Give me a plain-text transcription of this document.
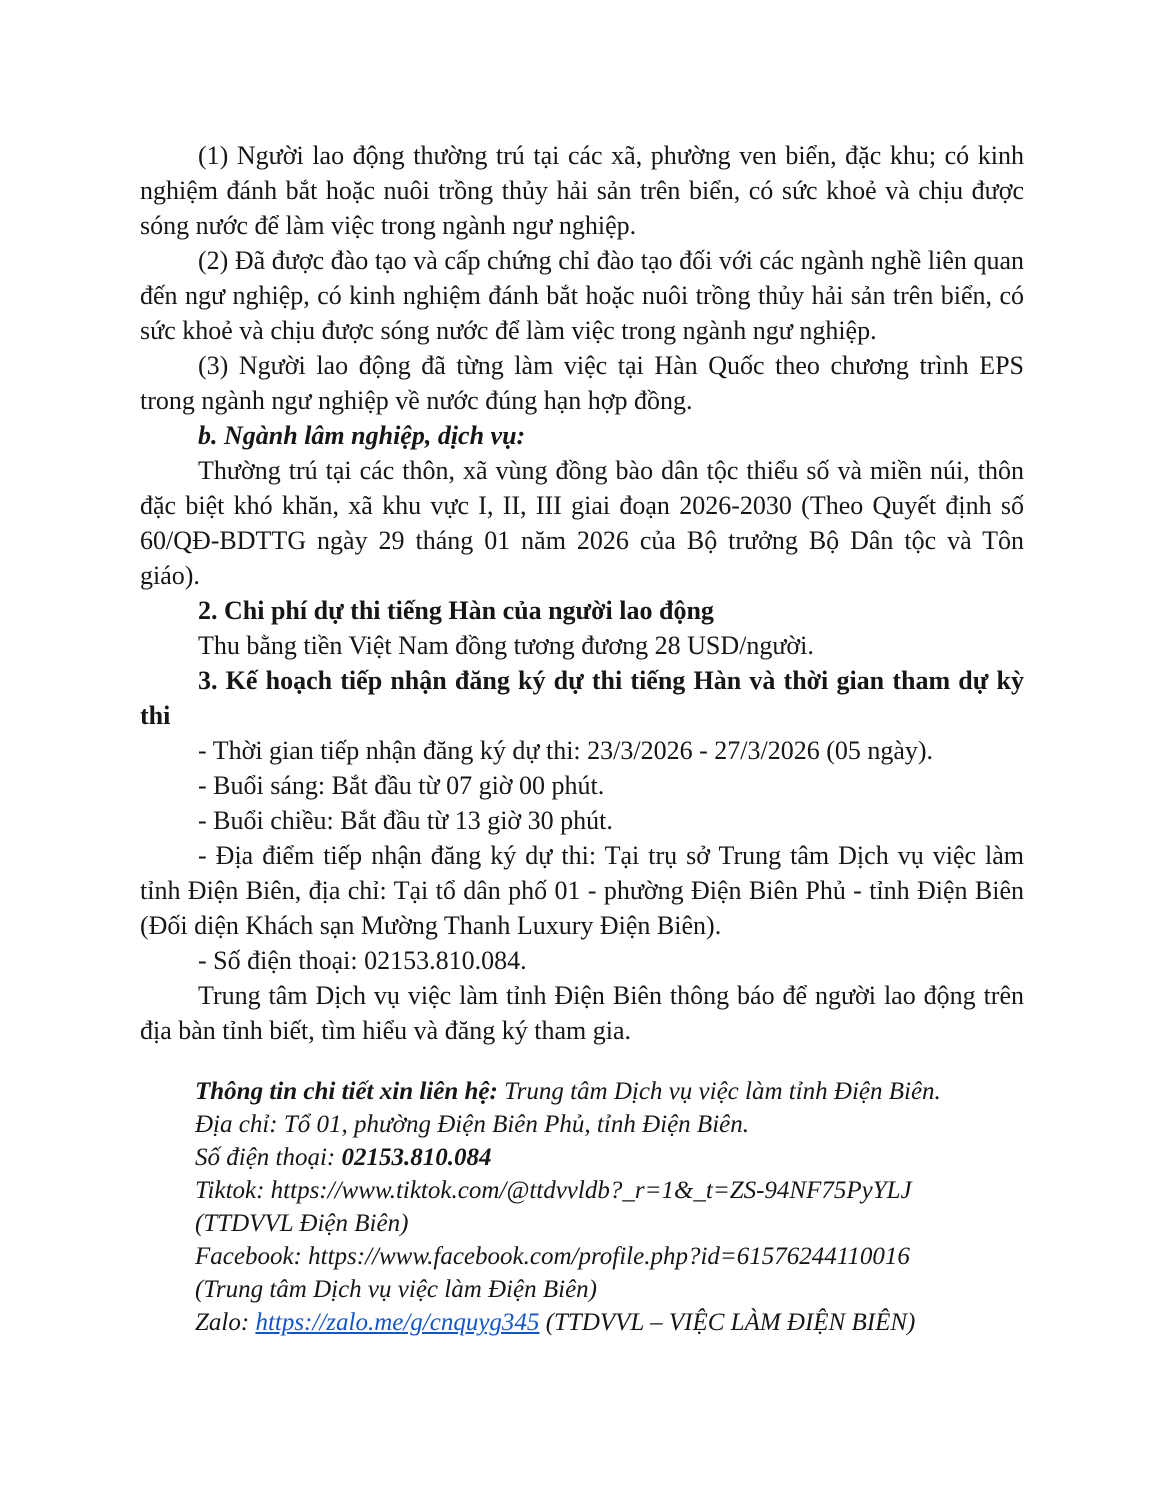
(1) Người lao động thường trú tại các xã, phường ven biển, đặc khu; có kinh nghiệm đánh bắt hoặc nuôi trồng thủy hải sản trên biển, có sức khoẻ và chịu được sóng nước để làm việc trong ngành ngư nghiệp.

(2) Đã được đào tạo và cấp chứng chỉ đào tạo đối với các ngành nghề liên quan đến ngư nghiệp, có kinh nghiệm đánh bắt hoặc nuôi trồng thủy hải sản trên biển, có sức khoẻ và chịu được sóng nước để làm việc trong ngành ngư nghiệp.

(3) Người lao động đã từng làm việc tại Hàn Quốc theo chương trình EPS trong ngành ngư nghiệp về nước đúng hạn hợp đồng.

b. Ngành lâm nghiệp, dịch vụ:

Thường trú tại các thôn, xã vùng đồng bào dân tộc thiểu số và miền núi, thôn đặc biệt khó khăn, xã khu vực I, II, III giai đoạn 2026-2030 (Theo Quyết định số 60/QĐ-BDTTG ngày 29 tháng 01 năm 2026 của Bộ trưởng Bộ Dân tộc và Tôn giáo).

2. Chi phí dự thi tiếng Hàn của người lao động

Thu bằng tiền Việt Nam đồng tương đương 28 USD/người.

3. Kế hoạch tiếp nhận đăng ký dự thi tiếng Hàn và thời gian tham dự kỳ thi

- Thời gian tiếp nhận đăng ký dự thi: 23/3/2026 - 27/3/2026 (05 ngày).

- Buổi sáng: Bắt đầu từ 07 giờ 00 phút.

- Buổi chiều: Bắt đầu từ 13 giờ 30 phút.

- Địa điểm tiếp nhận đăng ký dự thi: Tại trụ sở Trung tâm Dịch vụ việc làm tỉnh Điện Biên, địa chỉ: Tại tổ dân phố 01 - phường Điện Biên Phủ - tỉnh Điện Biên (Đối diện Khách sạn Mường Thanh Luxury Điện Biên).

- Số điện thoại: 02153.810.084.

Trung tâm Dịch vụ việc làm tỉnh Điện Biên thông báo để người lao động trên địa bàn tỉnh biết, tìm hiểu và đăng ký tham gia.

Thông tin chi tiết xin liên hệ: Trung tâm Dịch vụ việc làm tỉnh Điện Biên.

Địa chỉ: Tổ 01, phường Điện Biên Phủ, tỉnh Điện Biên.

Số điện thoại: 02153.810.084

Tiktok: https://www.tiktok.com/@ttdvvldb?_r=1&_t=ZS-94NF75PyYLJ

(TTDVVL Điện Biên)

Facebook: https://www.facebook.com/profile.php?id=61576244110016

(Trung tâm Dịch vụ việc làm Điện Biên)

Zalo: https://zalo.me/g/cnquyg345 (TTDVVL – VIỆC LÀM ĐIỆN BIÊN)
